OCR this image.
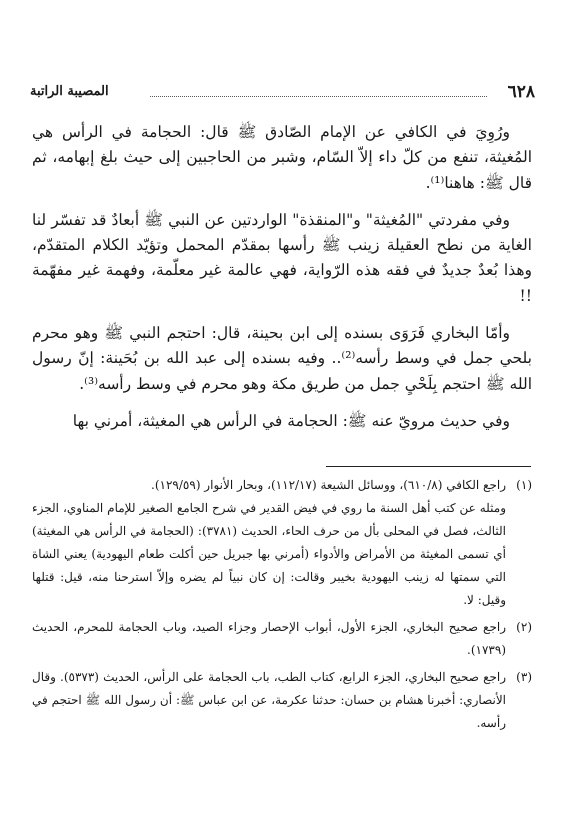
٦٢٨
المصيبة الراتبة

ورُوِيَ في الكافي عن الإمام الصّادق ﷺ قال: الحجامة في الرأس هي المُغيثة، تنفع من كلّ داء إلاّ السّام، وشبر من الحاجبين إلى حيث بلغ إبهامه، ثم قال ﷺ: هاهنا⁽¹⁾.

وفي مفردتي "المُغيثة" و"المنقذة" الواردتين عن النبي ﷺ أبعادٌ قد تفسّر لنا الغاية من نطح العقيلة زينب ﷺ رأسها بمقدّم المحمل وتؤيّد الكلام المتقدّم، وهذا بُعدٌ جديدٌ في فقه هذه الرّواية، فهي عالمة غير معلّمة، وفهمة غير مفهّمة !!

وأمّا البخاري فَرَوَى بسنده إلى ابن بحينة، قال: احتجم النبي ﷺ وهو محرم بلحي جمل في وسط رأسه⁽²⁾.. وفيه بسنده إلى عبد الله بن بُحَينة: إنّ رسول الله ﷺ احتجم بِلَحْيِ جمل من طريق مكة وهو محرم في وسط رأسه⁽³⁾.

وفي حديث مرويّ عنه ﷺ: الحجامة في الرأس هي المغيثة، أمرني بها

(١)

راجع الكافي (٦١٠/٨)، ووسائل الشيعة (١١٢/١٧)، وبحار الأنوار (١٢٩/٥٩).

ومثله عن كتب أهل السنة ما روي في فيض القدير في شرح الجامع الصغير للإمام المناوي، الجزء الثالث، فصل في المحلى بأل من حرف الحاء، الحديث (٣٧٨١): (الحجامة في الرأس هي المغيثة) أي تسمى المغيثة من الأمراض والأدواء (أمرني بها جبريل حين أكلت طعام اليهودية) يعني الشاة التي سمتها له زينب اليهودية بخيبر وقالت: إن كان نبياً لم يضره وإلاّ استرحنا منه، قيل: قتلها وقيل: لا.

(٢)

راجع صحيح البخاري، الجزء الأول، أبواب الإحصار وجزاء الصيد، وباب الحجامة للمحرم، الحديث (١٧٣٩).

(٣)

راجع صحيح البخاري، الجزء الرابع، كتاب الطب، باب الحجامة على الرأس، الحديث (٥٣٧٣). وقال الأنصاري: أخبرنا هشام بن حسان: حدثنا عكرمة، عن ابن عباس ﷺ: أن رسول الله ﷺ احتجم في رأسه.
